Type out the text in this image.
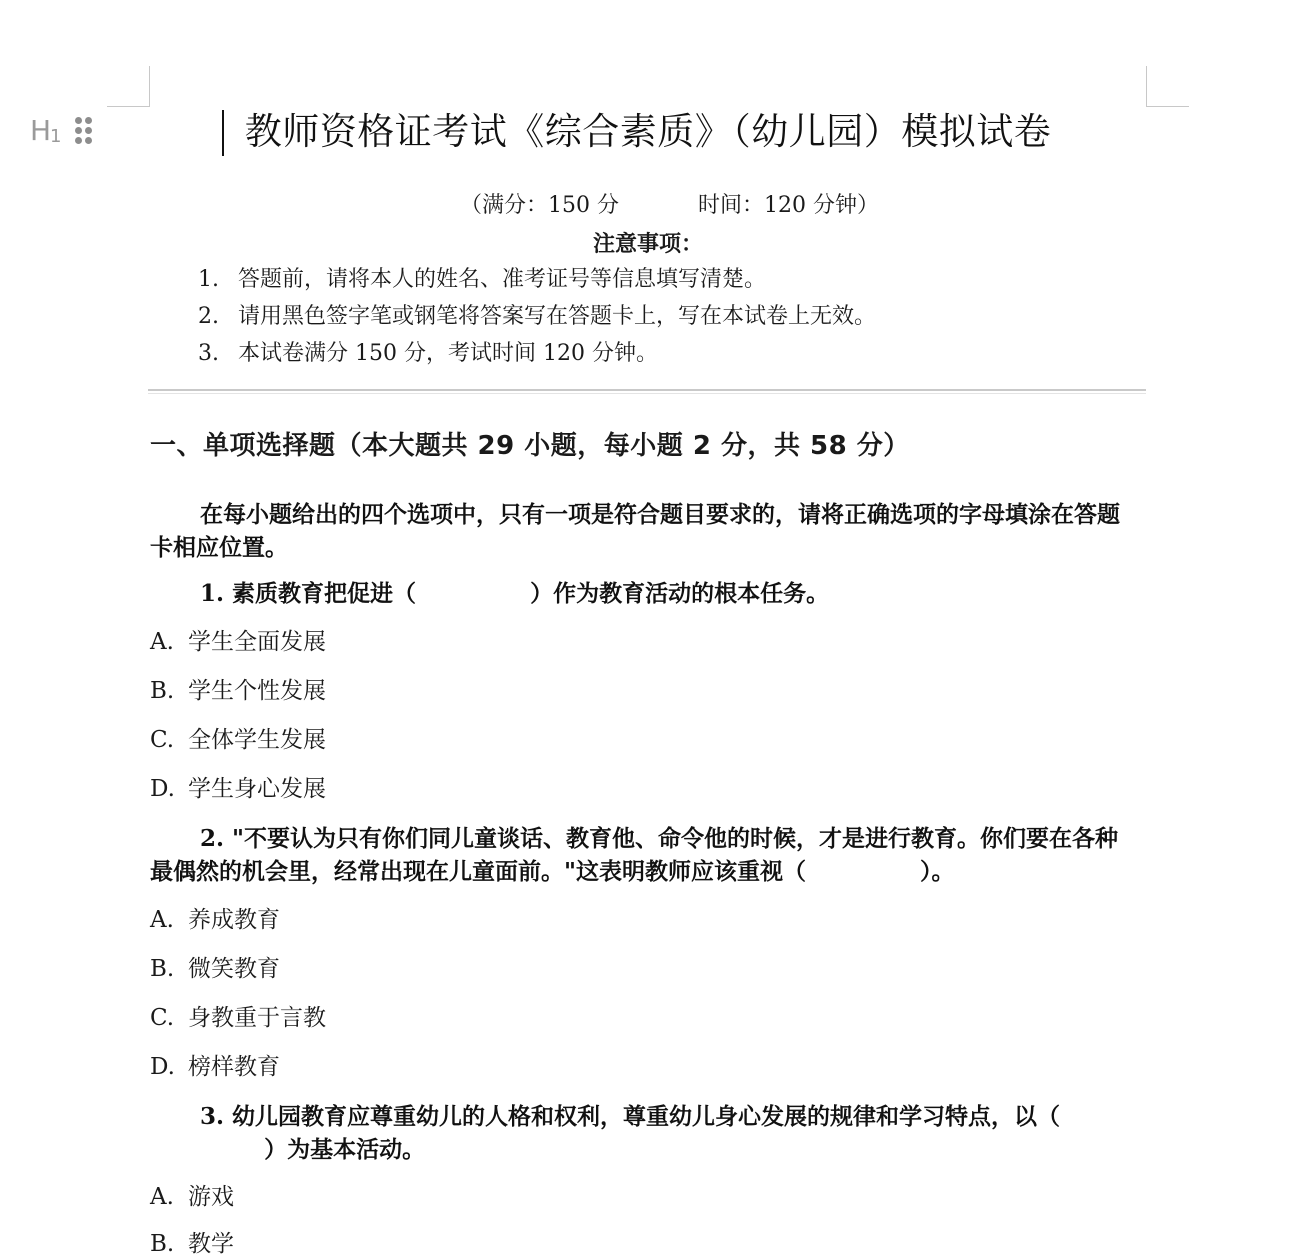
H
1	教师资格证考试《综合素质》（幼儿园）模拟试卷
（满分：150 分	时间：120 分钟）
注意事项：
1. 答题前，请将本人的姓名、准考证号等信息填写清楚。
2. 请用黑色签字笔或钢笔将答案写在答题卡上，写在本试卷上无效。
3. 本试卷满分 150 分，考试时间 120 分钟。
一、单项选择题（本大题共 29 小题，每小题 2 分，共 58 分）
在每小题给出的四个选项中，只有一项是符合题目要求的，请将正确选项的字母填涂在答题卡相应位置。
1. 素质教育把促进（	）作为教育活动的根本任务。
A. 学生全面发展
B. 学生个性发展
C. 全体学生发展
D. 学生身心发展
2. "不要认为只有你们同儿童谈话、教育他、命令他的时候，才是进行教育。你们要在各种最偶然的机会里，经常出现在儿童面前。"这表明教师应该重视（	）。
A. 养成教育
B. 微笑教育
C. 身教重于言教
D. 榜样教育
3. 幼儿园教育应尊重幼儿的人格和权利，尊重幼儿身心发展的规律和学习特点，以（        ）为基本活动。
A. 游戏
B. 教学
